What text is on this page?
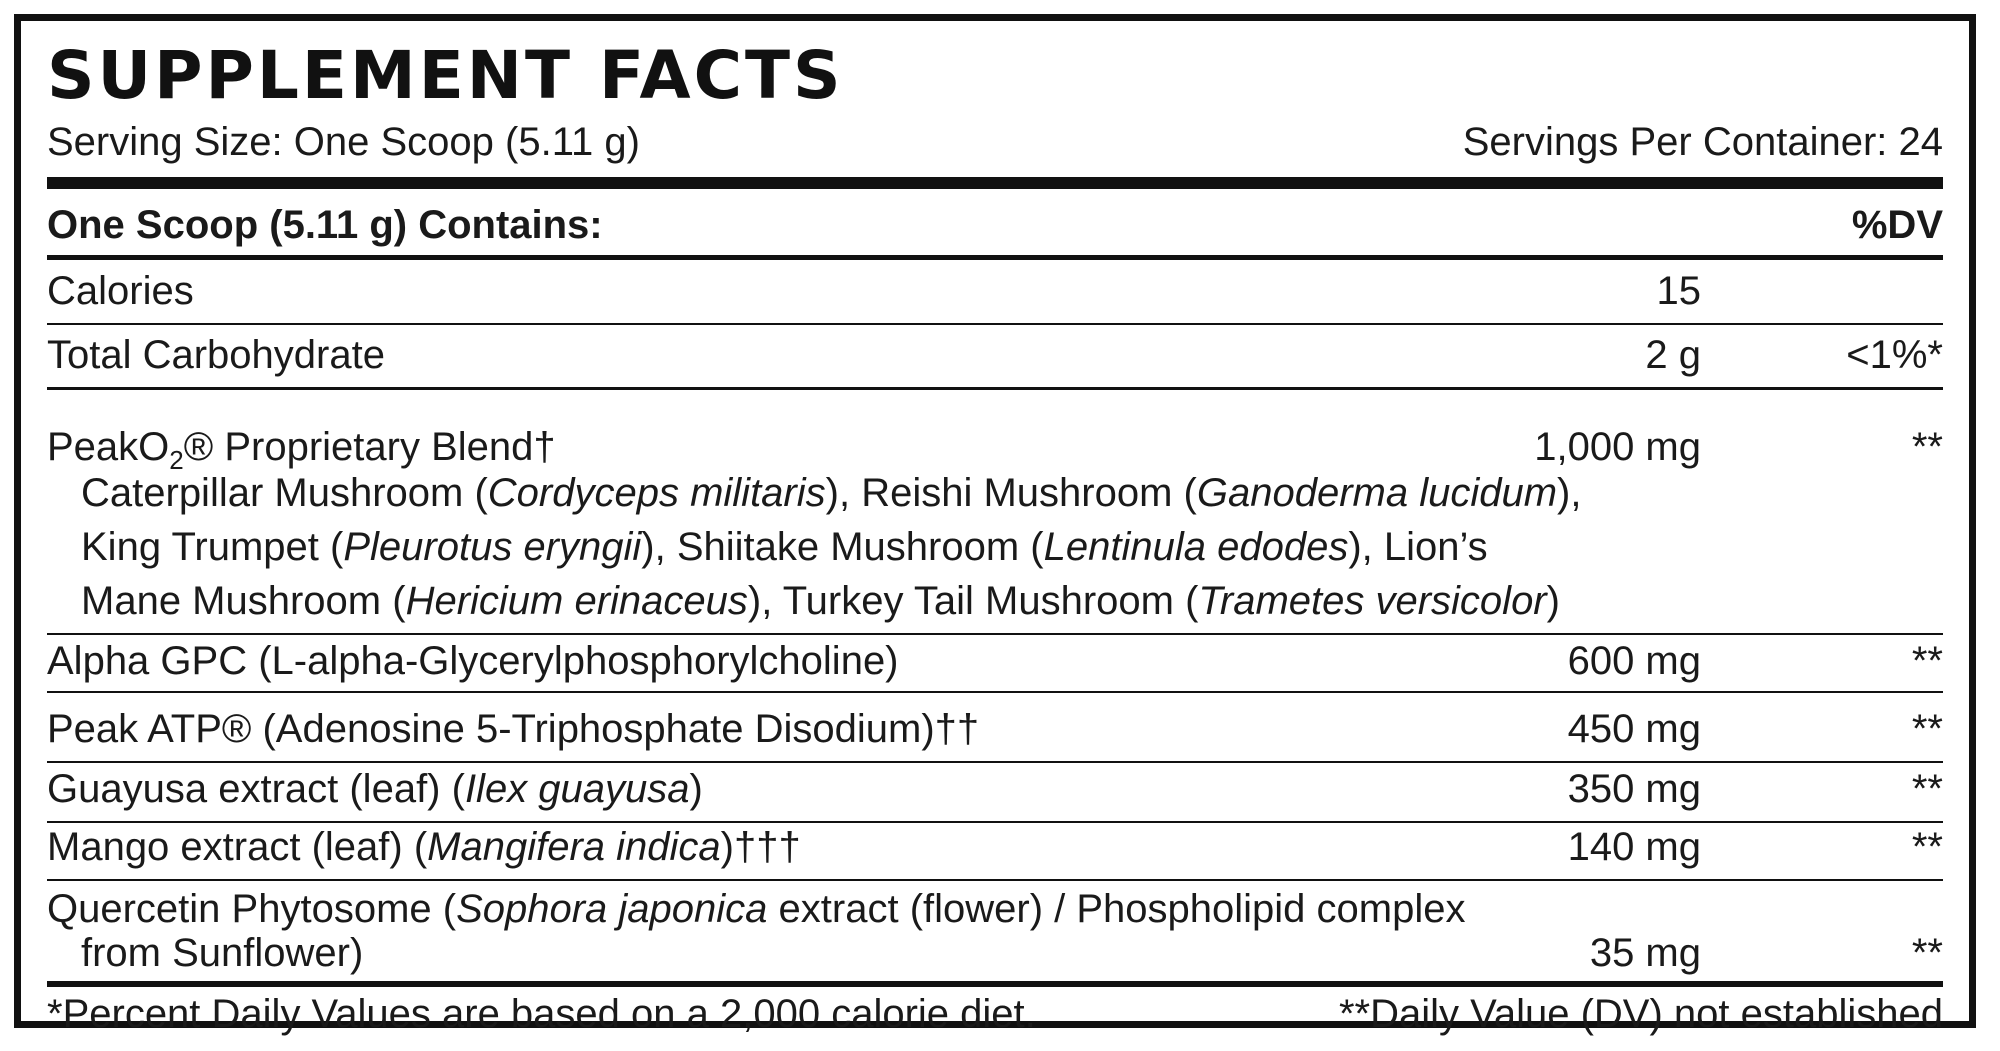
SUPPLEMENT FACTS
Serving Size: One Scoop (5.11 g)	Servings Per Container: 24
One Scoop (5.11 g) Contains:	%DV
Calories	15
Total Carbohydrate	2 g	<1%*
PeakO$_2$® Proprietary Blend†	1,000 mg	**
Caterpillar Mushroom (Cordyceps militaris), Reishi Mushroom (Ganoderma lucidum),
King Trumpet (Pleurotus eryngii), Shiitake Mushroom (Lentinula edodes), Lion’s
Mane Mushroom (Hericium erinaceus), Turkey Tail Mushroom (Trametes versicolor)
Alpha GPC (L-alpha-Glycerylphosphorylcholine)	600 mg	**
Peak ATP® (Adenosine 5-Triphosphate Disodium)††	450 mg	**
Guayusa extract (leaf) (Ilex guayusa)	350 mg	**
Mango extract (leaf) (Mangifera indica)†††	140 mg	**
Quercetin Phytosome (Sophora japonica extract (flower) / Phospholipid complex
from Sunflower)	35 mg	**
*Percent Daily Values are based on a 2,000 calorie diet.	**Daily Value (DV) not established
